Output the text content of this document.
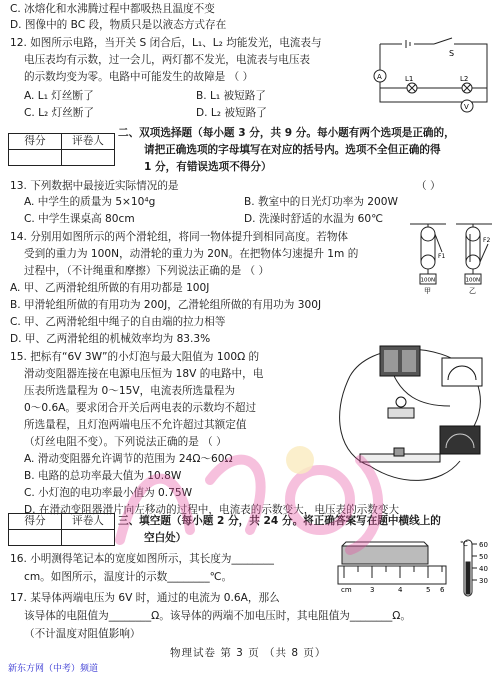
C. 冰熔化和水沸腾过程中都吸热且温度不变
D. 图像中的 BC 段，物质只是以液态方式存在
12. 如图所示电路，当开关 S 闭合后，L₁、L₂ 均能发光，电流表与
电压表均有示数，过一会儿，两灯都不发光，电流表与电压表
的示数均变为零。电路中可能发生的故障是 （ ）
A. L₁ 灯丝断了	B. L₁ 被短路了
C. L₂ 灯丝断了	D. L₂ 被短路了
S
A	L1	L2
V
得分	评卷人

二、双项选择题（每小题 3 分，共 9 分。每小题有两个选项是正确的，
请把正确选项的字母填写在对应的括号内。选项不全但正确的得
1 分，有错误选项不得分）
13. 下列数据中最接近实际情况的是	（ ）
A. 中学生的质量为 5×10⁴g	B. 教室中的日光灯功率为 200W
C. 中学生课桌高 80cm	D. 洗澡时舒适的水温为 60℃
14. 分别用如图所示的两个滑轮组，将同一物体提升到相同高度。若物体
受到的重力为 100N，动滑轮的重力为 20N。在把物体匀速提升 1m 的
过程中，（不计绳重和摩擦）下列说法正确的是 （ ）
A. 甲、乙两滑轮组所做的有用功都是 100J
B. 甲滑轮组所做的有用功为 200J，乙滑轮组所做的有用功为 300J
C. 甲、乙两滑轮组中绳子的自由端的拉力相等
D. 甲、乙两滑轮组的机械效率均为 83.3%
F1
F2
100N	100N
甲	乙
15. 把标有“6V 3W”的小灯泡与最大阻值为 100Ω 的
滑动变阻器连接在电源电压恒为 18V 的电路中，电
压表所选量程为 0～15V，电流表所选量程为
0～0.6A。要求闭合开关后两电表的示数均不超过
所选量程，且灯泡两端电压不允许超过其额定值
（灯丝电阻不变）。下列说法正确的是 （ ）
A. 滑动变阻器允许调节的范围为 24Ω～60Ω
B. 电路的总功率最大值为 10.8W
C. 小灯泡的电功率最小值为 0.75W
D. 在滑动变阻器滑片向左移动的过程中，电流表的示数变大，电压表的示数变大
得分	评卷人
	三、填空题（每小题 2 分，共 24 分。将正确答案写在题中横线上的
空白处）
16. 小明测得笔记本的宽度如图所示，其长度为________
cm。如图所示，温度计的示数________℃。
cm	3	4	5 6
60
50
40
30
℃
17. 某导体两端电压为 6V 时，通过的电流为 0.6A，那么
该导体的电阻值为________Ω。该导体的两端不加电压时，其电阻值为________Ω。
（不计温度对阻值影响）
物理试卷 第 3 页 （共 8 页）
新东方网（中考）频道
